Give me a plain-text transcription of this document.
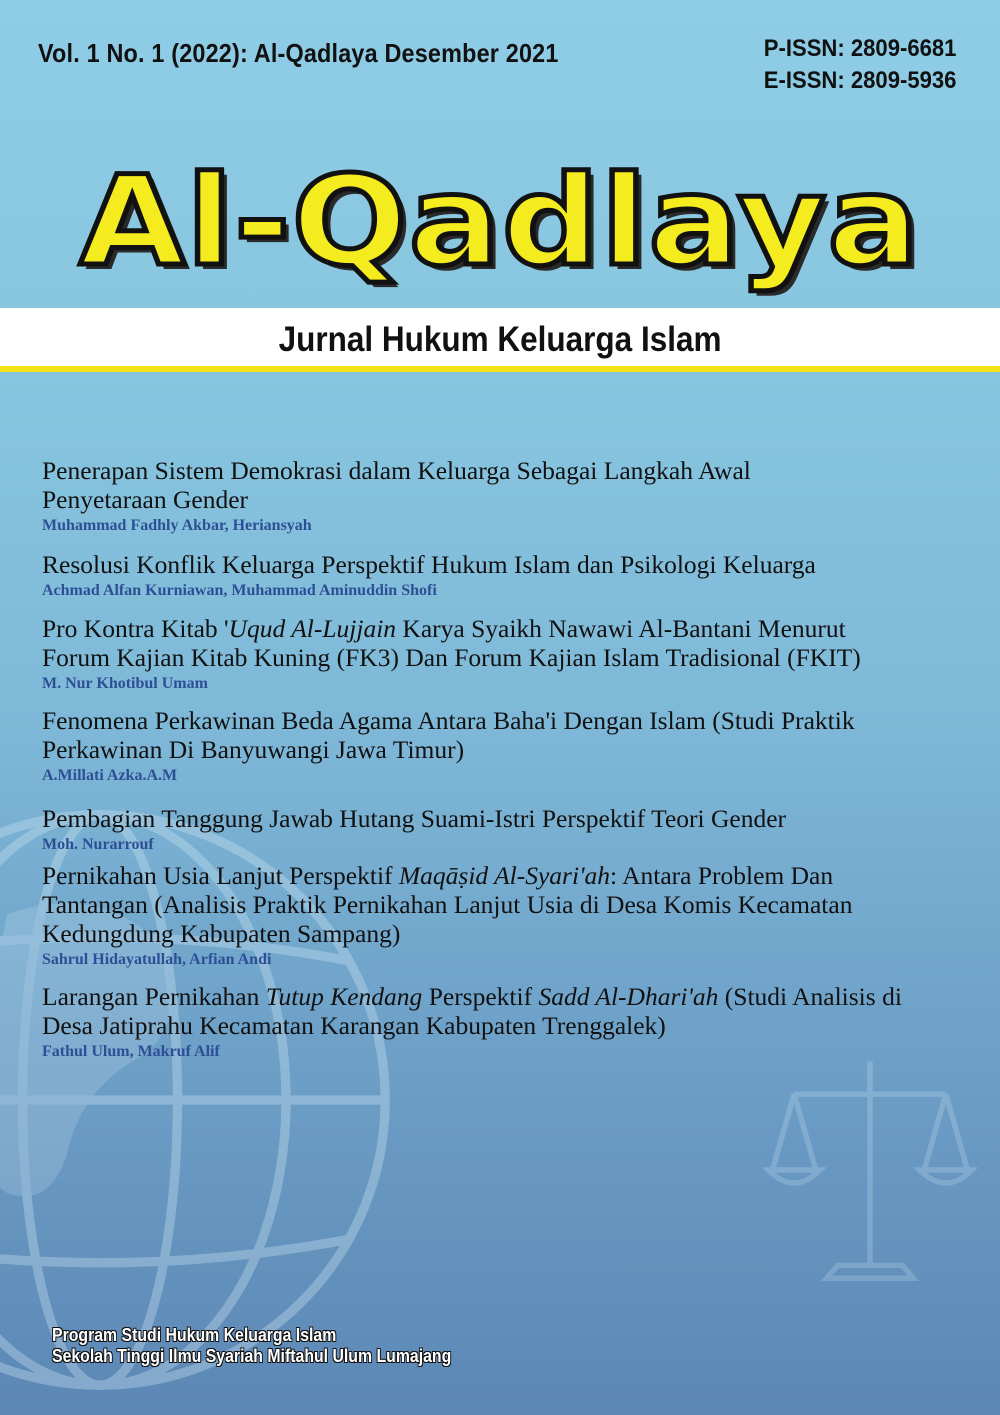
Vol. 1 No. 1 (2022): Al-Qadlaya Desember 2021	P-ISSN: 2809-6681
E-ISSN: 2809-5936
Al-Qadlaya
Jurnal Hukum Keluarga Islam

Penerapan Sistem Demokrasi dalam Keluarga Sebagai Langkah Awal
Penyetaraan Gender

Muhammad Fadhly Akbar, Heriansyah

Resolusi Konflik Keluarga Perspektif Hukum Islam dan Psikologi Keluarga

Achmad Alfan Kurniawan, Muhammad Aminuddin Shofi

Pro Kontra Kitab 'Uqud Al-Lujjain Karya Syaikh Nawawi Al-Bantani Menurut
Forum Kajian Kitab Kuning (FK3) Dan Forum Kajian Islam Tradisional (FKIT)

M. Nur Khotibul Umam

Fenomena Perkawinan Beda Agama Antara Baha'i Dengan Islam (Studi Praktik
Perkawinan Di Banyuwangi Jawa Timur)

A.Millati Azka.A.M

Pembagian Tanggung Jawab Hutang Suami-Istri Perspektif Teori Gender

Moh. Nurarrouf

Pernikahan Usia Lanjut Perspektif Maqāṣid Al-Syari'ah: Antara Problem Dan
Tantangan (Analisis Praktik Pernikahan Lanjut Usia di Desa Komis Kecamatan
Kedungdung Kabupaten Sampang)

Sahrul Hidayatullah, Arfian Andi

Larangan Pernikahan Tutup Kendang Perspektif Sadd Al-Dhari'ah (Studi Analisis di
Desa Jatiprahu Kecamatan Karangan Kabupaten Trenggalek)

Fathul Ulum, Makruf Alif

Program Studi Hukum Keluarga Islam
Sekolah Tinggi Ilmu Syariah Miftahul Ulum Lumajang
